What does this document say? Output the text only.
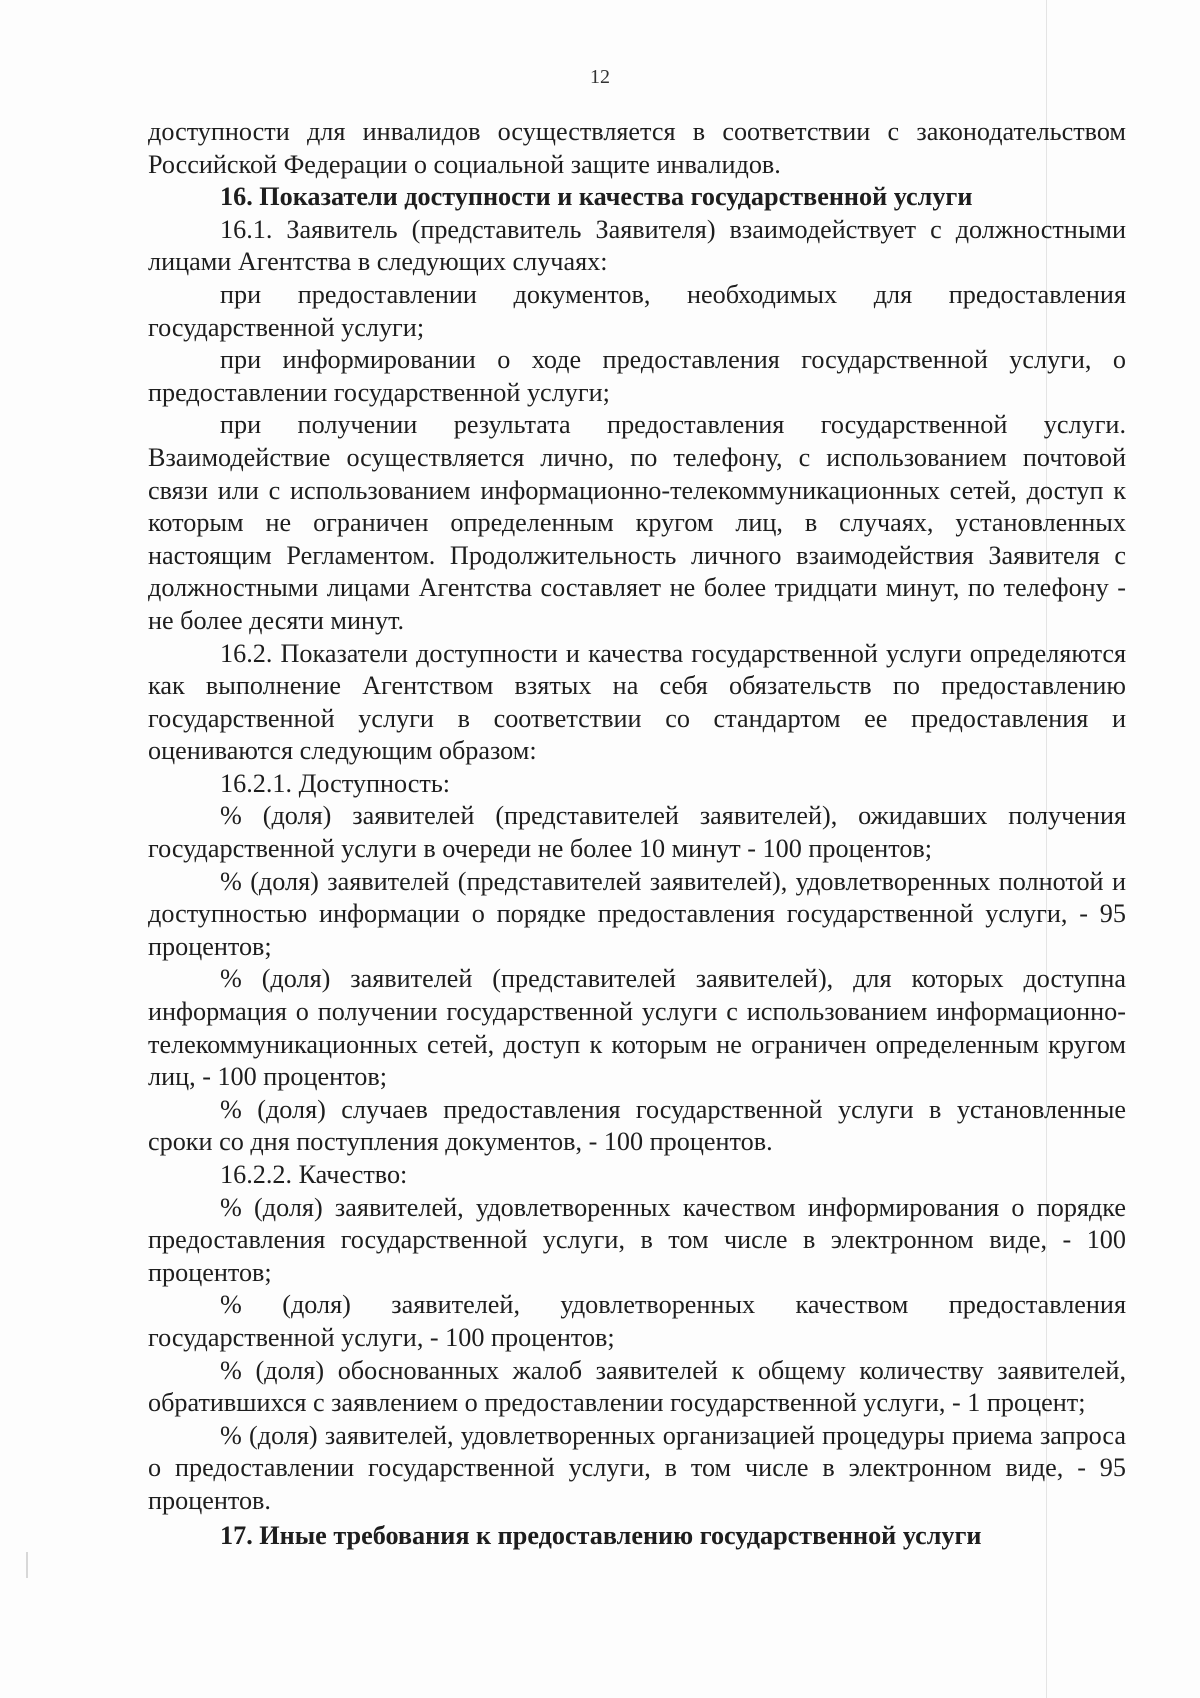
12

доступности для инвалидов осуществляется в соответствии с законодательством Российской Федерации о социальной защите инвалидов.

16. Показатели доступности и качества государственной услуги

16.1. Заявитель (представитель Заявителя) взаимодействует с должностными лицами Агентства в следующих случаях:

при предоставлении документов, необходимых для предоставления государственной услуги;

при информировании о ходе предоставления государственной услуги, о предоставлении государственной услуги;

при получении результата предоставления государственной услуги. Взаимодействие осуществляется лично, по телефону, с использованием почтовой связи или с использованием информационно-телекоммуникационных сетей, доступ к которым не ограничен определенным кругом лиц, в случаях, установленных настоящим Регламентом. Продолжительность личного взаимодействия Заявителя с должностными лицами Агентства составляет не более тридцати минут, по телефону - не более десяти минут.

16.2. Показатели доступности и качества государственной услуги определяются как выполнение Агентством взятых на себя обязательств по предоставлению государственной услуги в соответствии со стандартом ее предоставления и оцениваются следующим образом:

16.2.1. Доступность:

% (доля) заявителей (представителей заявителей), ожидавших получения государственной услуги в очереди не более 10 минут - 100 процентов;

% (доля) заявителей (представителей заявителей), удовлетворенных полнотой и доступностью информации о порядке предоставления государственной услуги, - 95 процентов;

% (доля) заявителей (представителей заявителей), для которых доступна информация о получении государственной услуги с использованием информационно-телекоммуникационных сетей, доступ к которым не ограничен определенным кругом лиц, - 100 процентов;

% (доля) случаев предоставления государственной услуги в установленные сроки со дня поступления документов, - 100 процентов.

16.2.2. Качество:

% (доля) заявителей, удовлетворенных качеством информирования о порядке предоставления государственной услуги, в том числе в электронном виде, - 100 процентов;

% (доля) заявителей, удовлетворенных качеством предоставления государственной услуги, - 100 процентов;

% (доля) обоснованных жалоб заявителей к общему количеству заявителей, обратившихся с заявлением о предоставлении государственной услуги, - 1 процент;

% (доля) заявителей, удовлетворенных организацией процедуры приема запроса о предоставлении государственной услуги, в том числе в электронном виде, - 95 процентов.

17. Иные требования к предоставлению государственной услуги
